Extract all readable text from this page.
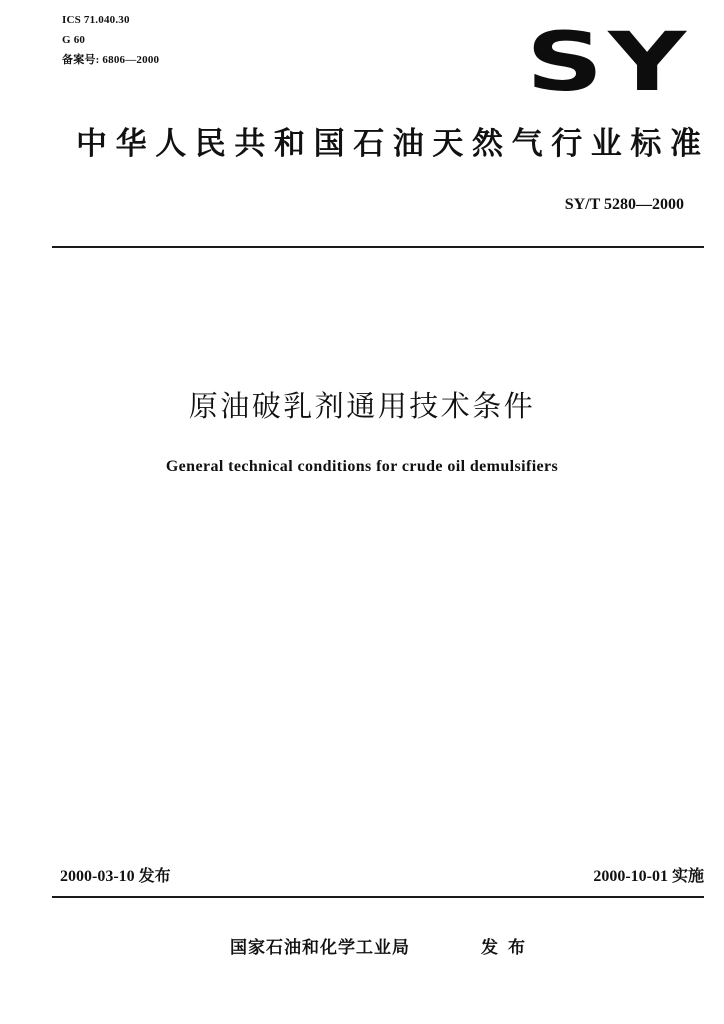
ICS 71.040.30
G 60
备案号: 6806—2000	SY
中华人民共和国石油天然气行业标准
SY/T 5280—2000
原油破乳剂通用技术条件
General technical conditions for crude oil demulsifiers
2000-03-10 发布	2000-10-01 实施
国家石油和化学工业局	发布
